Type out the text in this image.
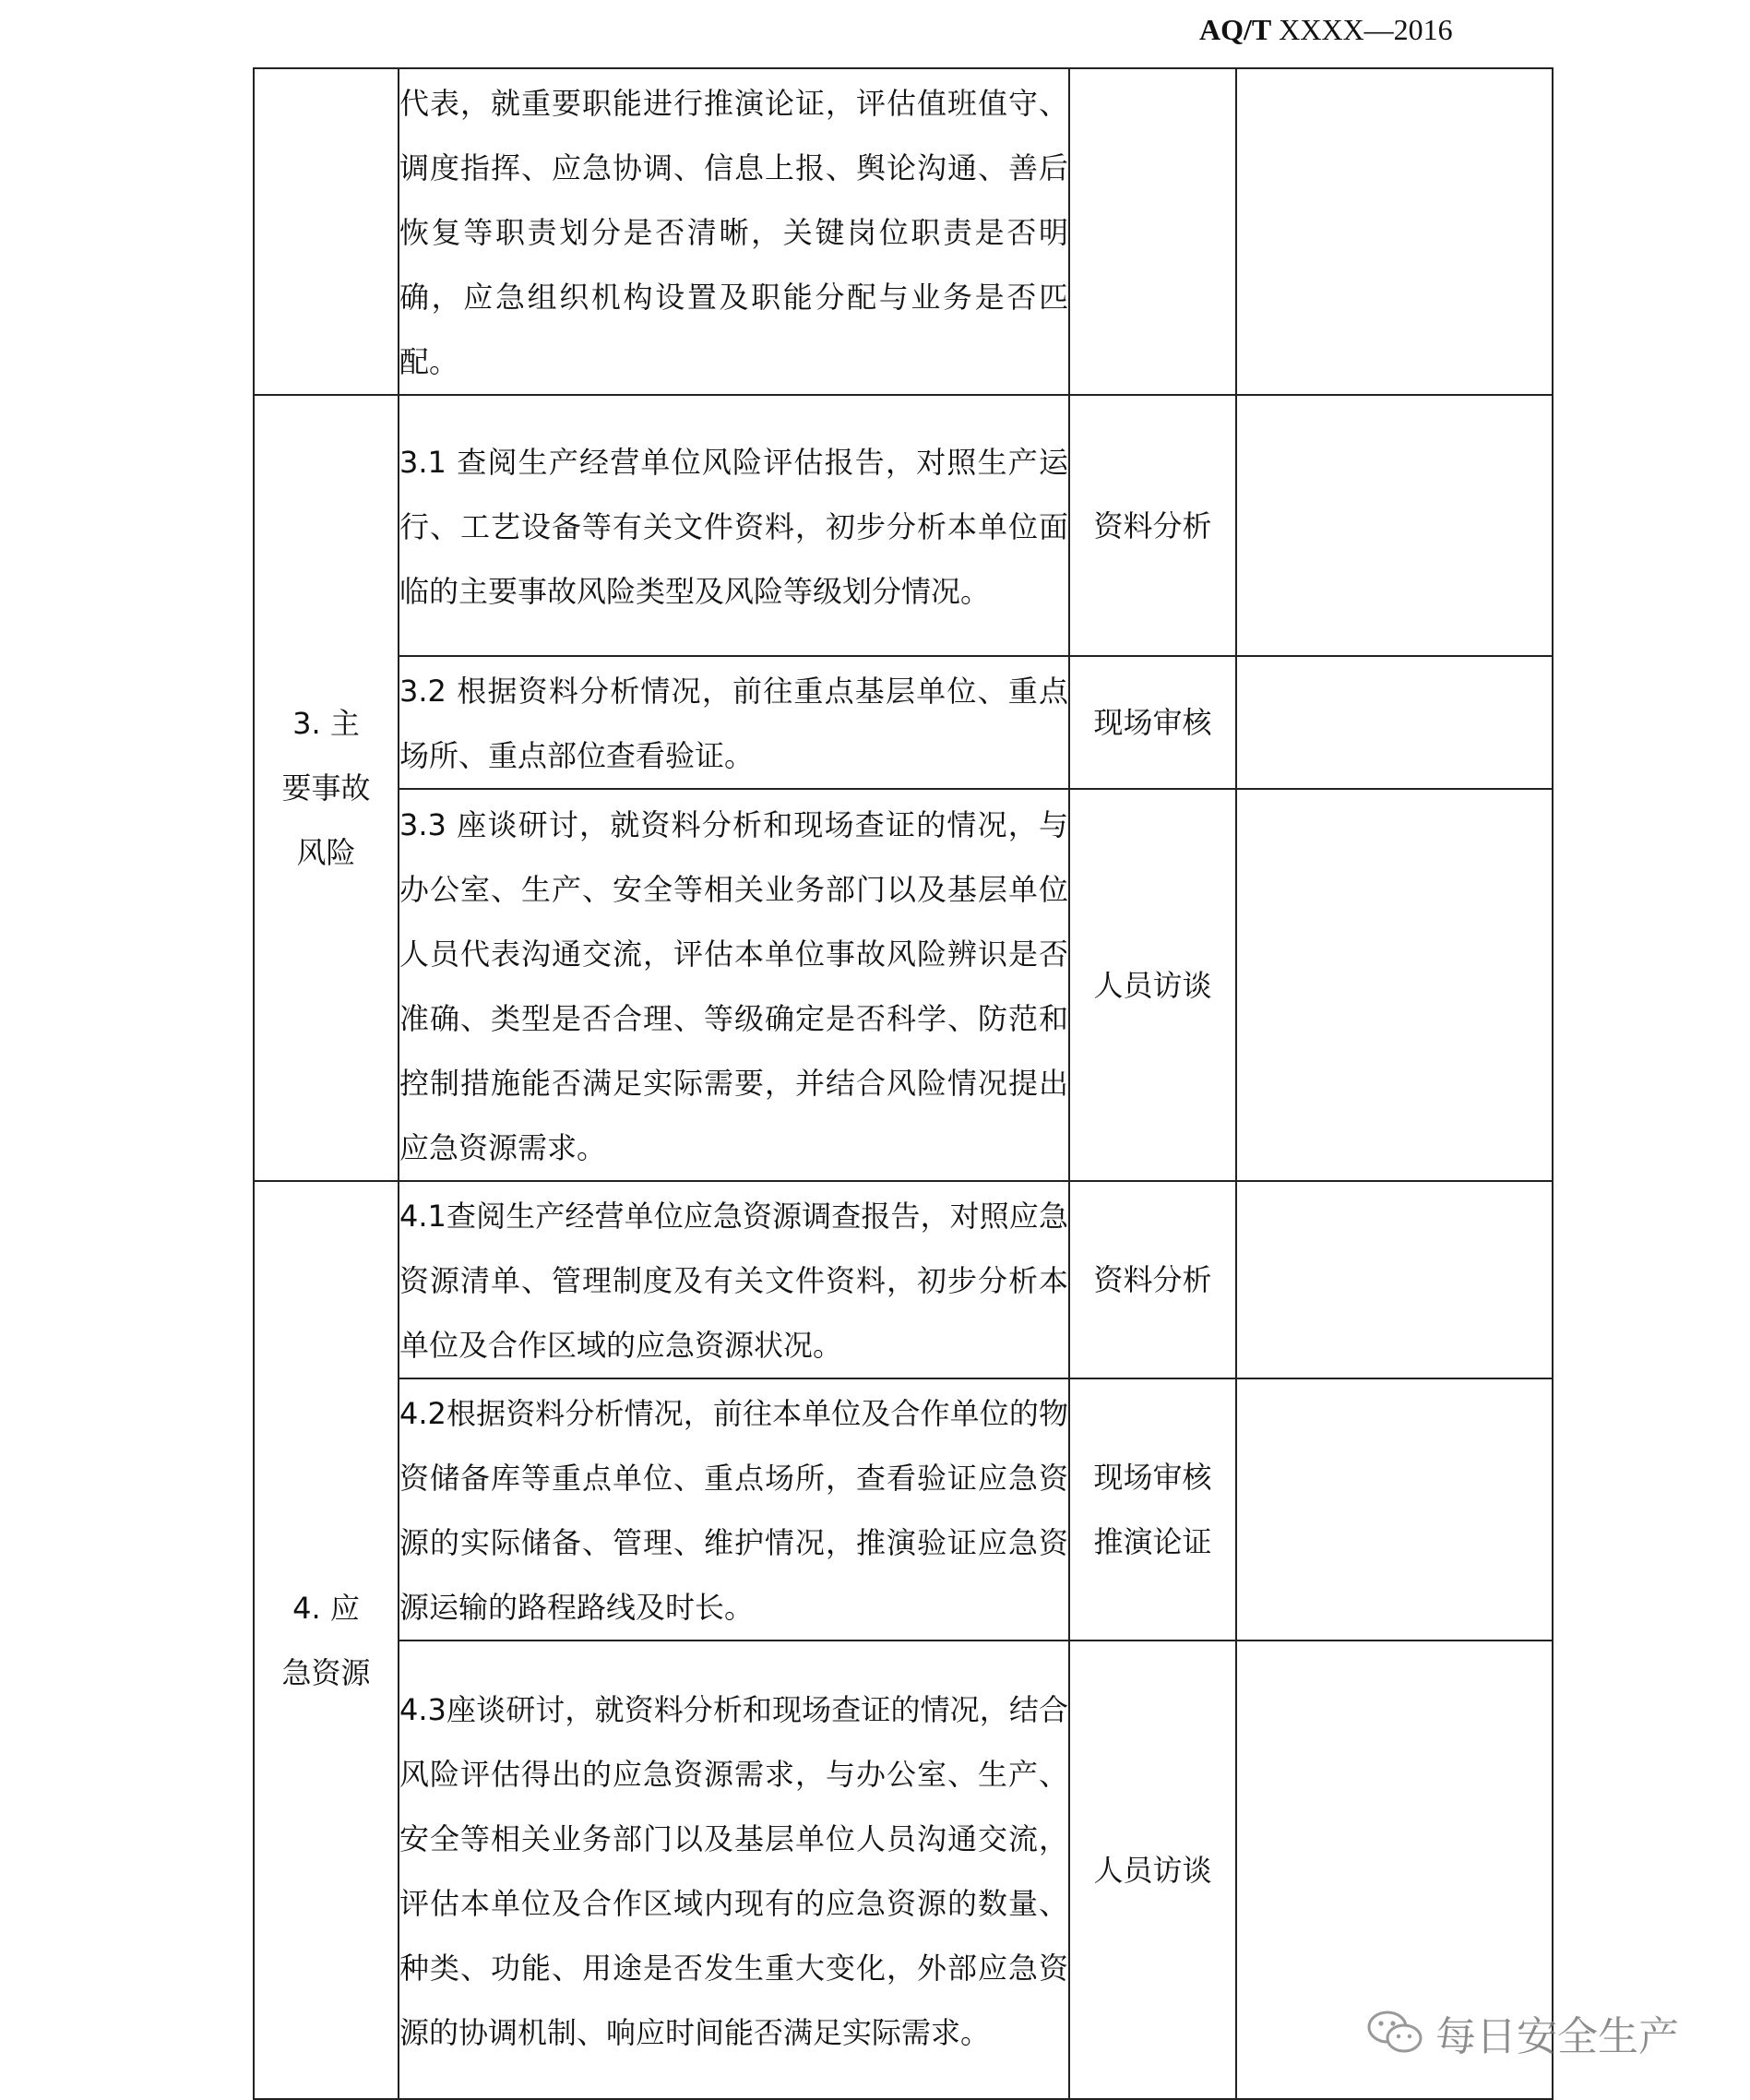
AQ/T XXXX—2016

	代表，就重要职能进行推演论证，评估值班值守、调度指挥、应急协调、信息上报、舆论沟通、善后恢复等职责划分是否清晰，关键岗位职责是否明确，应急组织机构设置及职能分配与业务是否匹配。		

3. 主要事故风险	3.1 查阅生产经营单位风险评估报告，对照生产运行、工艺设备等有关文件资料，初步分析本单位面临的主要事故风险类型及风险等级划分情况。	资料分析	

	3.2 根据资料分析情况，前往重点基层单位、重点场所、重点部位查看验证。	现场审核	

	3.3 座谈研讨，就资料分析和现场查证的情况，与办公室、生产、安全等相关业务部门以及基层单位人员代表沟通交流，评估本单位事故风险辨识是否准确、类型是否合理、等级确定是否科学、防范和控制措施能否满足实际需要，并结合风险情况提出应急资源需求。	人员访谈	

4. 应急资源	4.1查阅生产经营单位应急资源调查报告，对照应急资源清单、管理制度及有关文件资料，初步分析本单位及合作区域的应急资源状况。	资料分析	

	4.2根据资料分析情况，前往本单位及合作单位的物资储备库等重点单位、重点场所，查看验证应急资源的实际储备、管理、维护情况，推演验证应急资源运输的路程路线及时长。	现场审核推演论证	

	4.3座谈研讨，就资料分析和现场查证的情况，结合风险评估得出的应急资源需求，与办公室、生产、安全等相关业务部门以及基层单位人员沟通交流，评估本单位及合作区域内现有的应急资源的数量、种类、功能、用途是否发生重大变化，外部应急资源的协调机制、响应时间能否满足实际需求。	人员访谈	
每日安全生产
